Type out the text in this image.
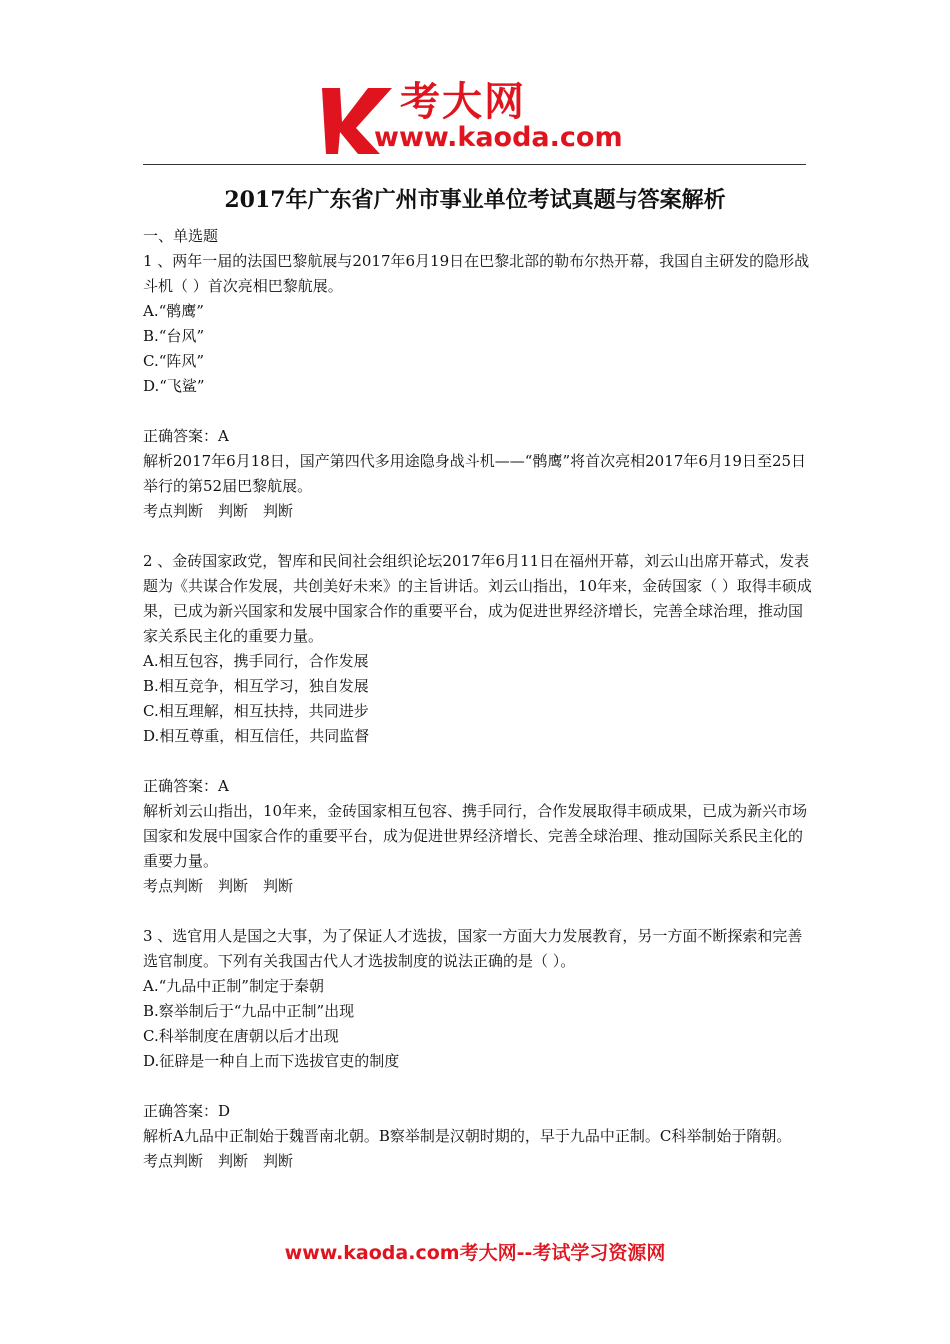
考大网
www.kaoda.com
2017年广东省广州市事业单位考试真题与答案解析

一、单选题

1 、两年一届的法国巴黎航展与2017年6月19日在巴黎北部的勒布尔热开幕，我国自主研发的隐形战斗机（ ）首次亮相巴黎航展。

A.“鹘鹰”

B.“台风”

C.“阵风”

D.“飞鲨”

正确答案：A

解析2017年6月18日，国产第四代多用途隐身战斗机——“鹘鹰”将首次亮相2017年6月19日至25日举行的第52届巴黎航展。

考点判断　判断　判断

2 、金砖国家政党，智库和民间社会组织论坛2017年6月11日在福州开幕，刘云山出席开幕式，发表题为《共谋合作发展，共创美好未来》的主旨讲话。刘云山指出，10年来，金砖国家（ ）取得丰硕成果，已成为新兴国家和发展中国家合作的重要平台，成为促进世界经济增长，完善全球治理，推动国家关系民主化的重要力量。

A.相互包容，携手同行，合作发展

B.相互竞争，相互学习，独自发展

C.相互理解，相互扶持，共同进步

D.相互尊重，相互信任，共同监督

正确答案：A

解析刘云山指出，10年来，金砖国家相互包容、携手同行，合作发展取得丰硕成果，已成为新兴市场国家和发展中国家合作的重要平台，成为促进世界经济增长、完善全球治理、推动国际关系民主化的重要力量。

考点判断　判断　判断

3 、选官用人是国之大事，为了保证人才选拔，国家一方面大力发展教育，另一方面不断探索和完善选官制度。下列有关我国古代人才选拔制度的说法正确的是（ ）。

A.“九品中正制”制定于秦朝

B.察举制后于“九品中正制”出现

C.科举制度在唐朝以后才出现

D.征辟是一种自上而下选拔官吏的制度

正确答案：D

解析A九品中正制始于魏晋南北朝。B察举制是汉朝时期的，早于九品中正制。C科举制始于隋朝。

考点判断　判断　判断

www.kaoda.com考大网--考试学习资源网
